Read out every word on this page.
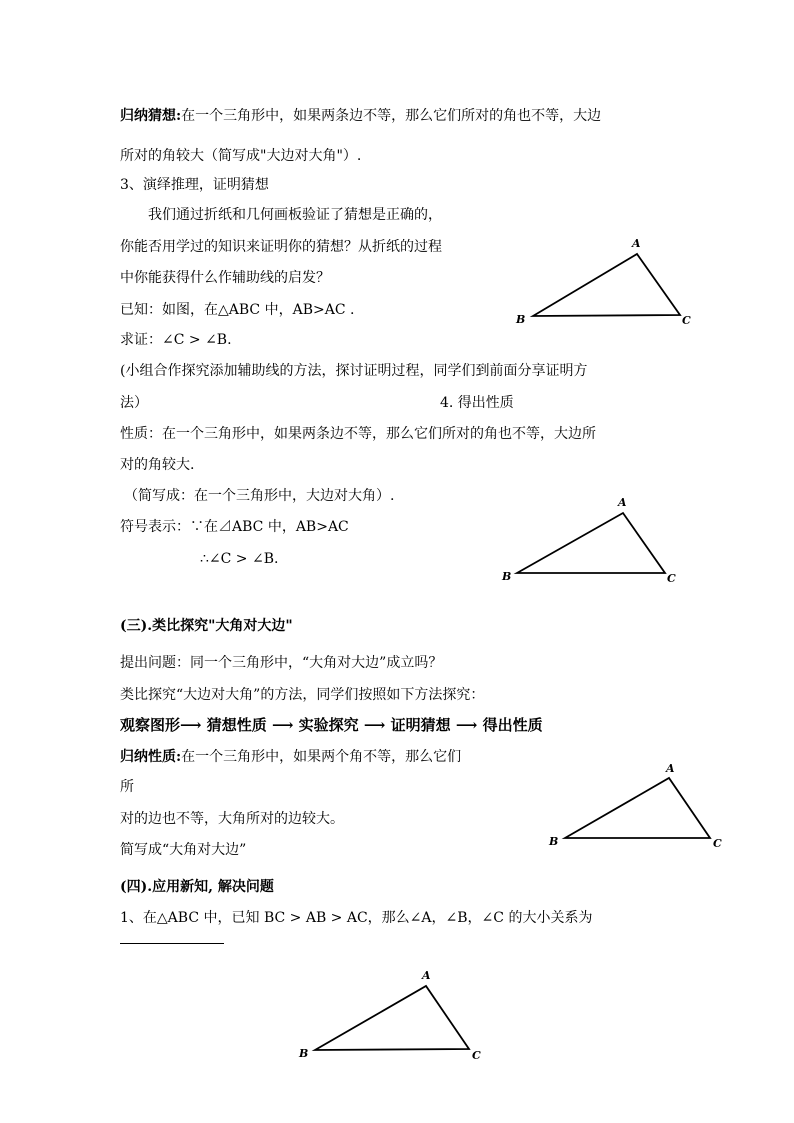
归纳猜想:在一个三角形中，如果两条边不等，那么它们所对的角也不等，大边
所对的角较大（简写成"大边对大角"）.
3、演绎推理，证明猜想
我们通过折纸和几何画板验证了猜想是正确的，
你能否用学过的知识来证明你的猜想？从折纸的过程
中你能获得什么作辅助线的启发？
已知：如图，在△ABC 中，AB>AC .
求证：∠C > ∠B.
(小组合作探究添加辅助线的方法，探讨证明过程，同学们到前面分享证明方
法）	4. 得出性质
性质：在一个三角形中，如果两条边不等，那么它们所对的角也不等，大边所
对的角较大.
（简写成：在一个三角形中，大边对大角）.
符号表示：∵在⊿ABC 中，AB>AC
∴∠C > ∠B.
(三).类比探究"大角对大边"
提出问题：同一个三角形中，“大角对大边”成立吗？
类比探究“大边对大角”的方法，同学们按照如下方法探究：
观察图形⟶ 猜想性质 ⟶ 实验探究 ⟶ 证明猜想 ⟶ 得出性质
归纳性质:在一个三角形中，如果两个角不等，那么它们
所
对的边也不等，大角所对的边较大。
简写成“大角对大边”
(四).应用新知, 解决问题
1、在△ABC 中，已知 BC > AB > AC，那么∠A，∠B，∠C 的大小关系为
A
B	C
A
B	C
A
B	C
A
B	C
